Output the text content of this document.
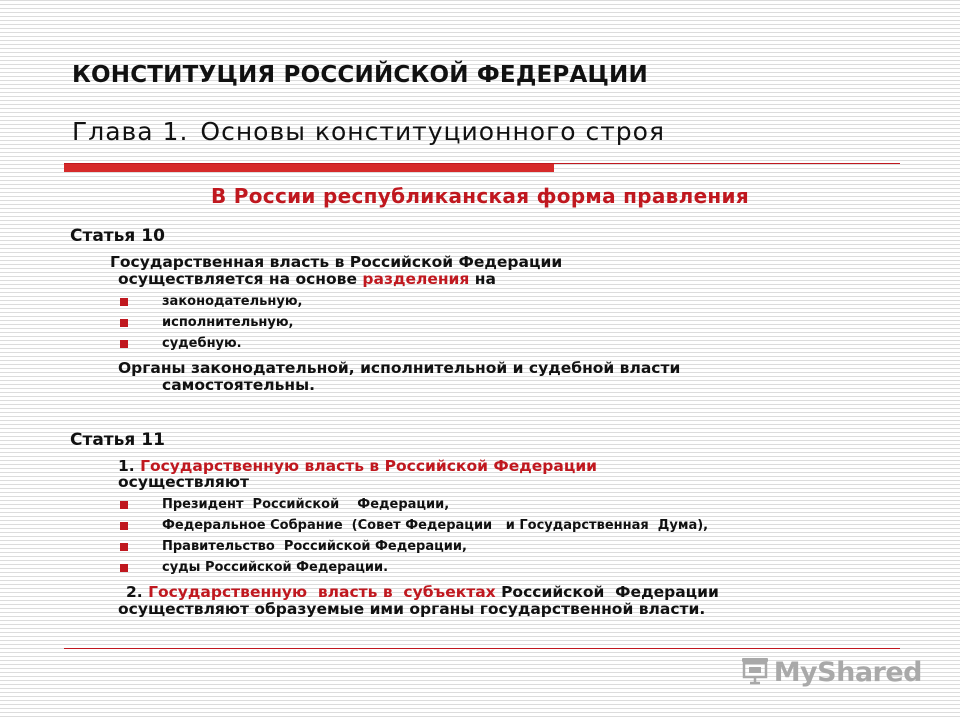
КОНСТИТУЦИЯ РОССИЙСКОЙ ФЕДЕРАЦИИ
Глава 1. Основы конституционного строя
В России республиканская форма правления
Статья 10
Государственная власть в Российской Федерации
осуществляется на основе разделения на
законодательную,
исполнительную,
судебную.
Органы законодательной, исполнительной и судебной власти
самостоятельны.
Статья 11
1. Государственную власть в Российской Федерации
осуществляют
Президент  Российской    Федерации,
Федеральное Собрание  (Совет Федерации   и Государственная  Дума),
Правительство  Российской Федерации,
суды Российской Федерации.
2. Государственную  власть в  субъектах Российской  Федерации
осуществляют образуемые ими органы государственной власти.
MyShared
